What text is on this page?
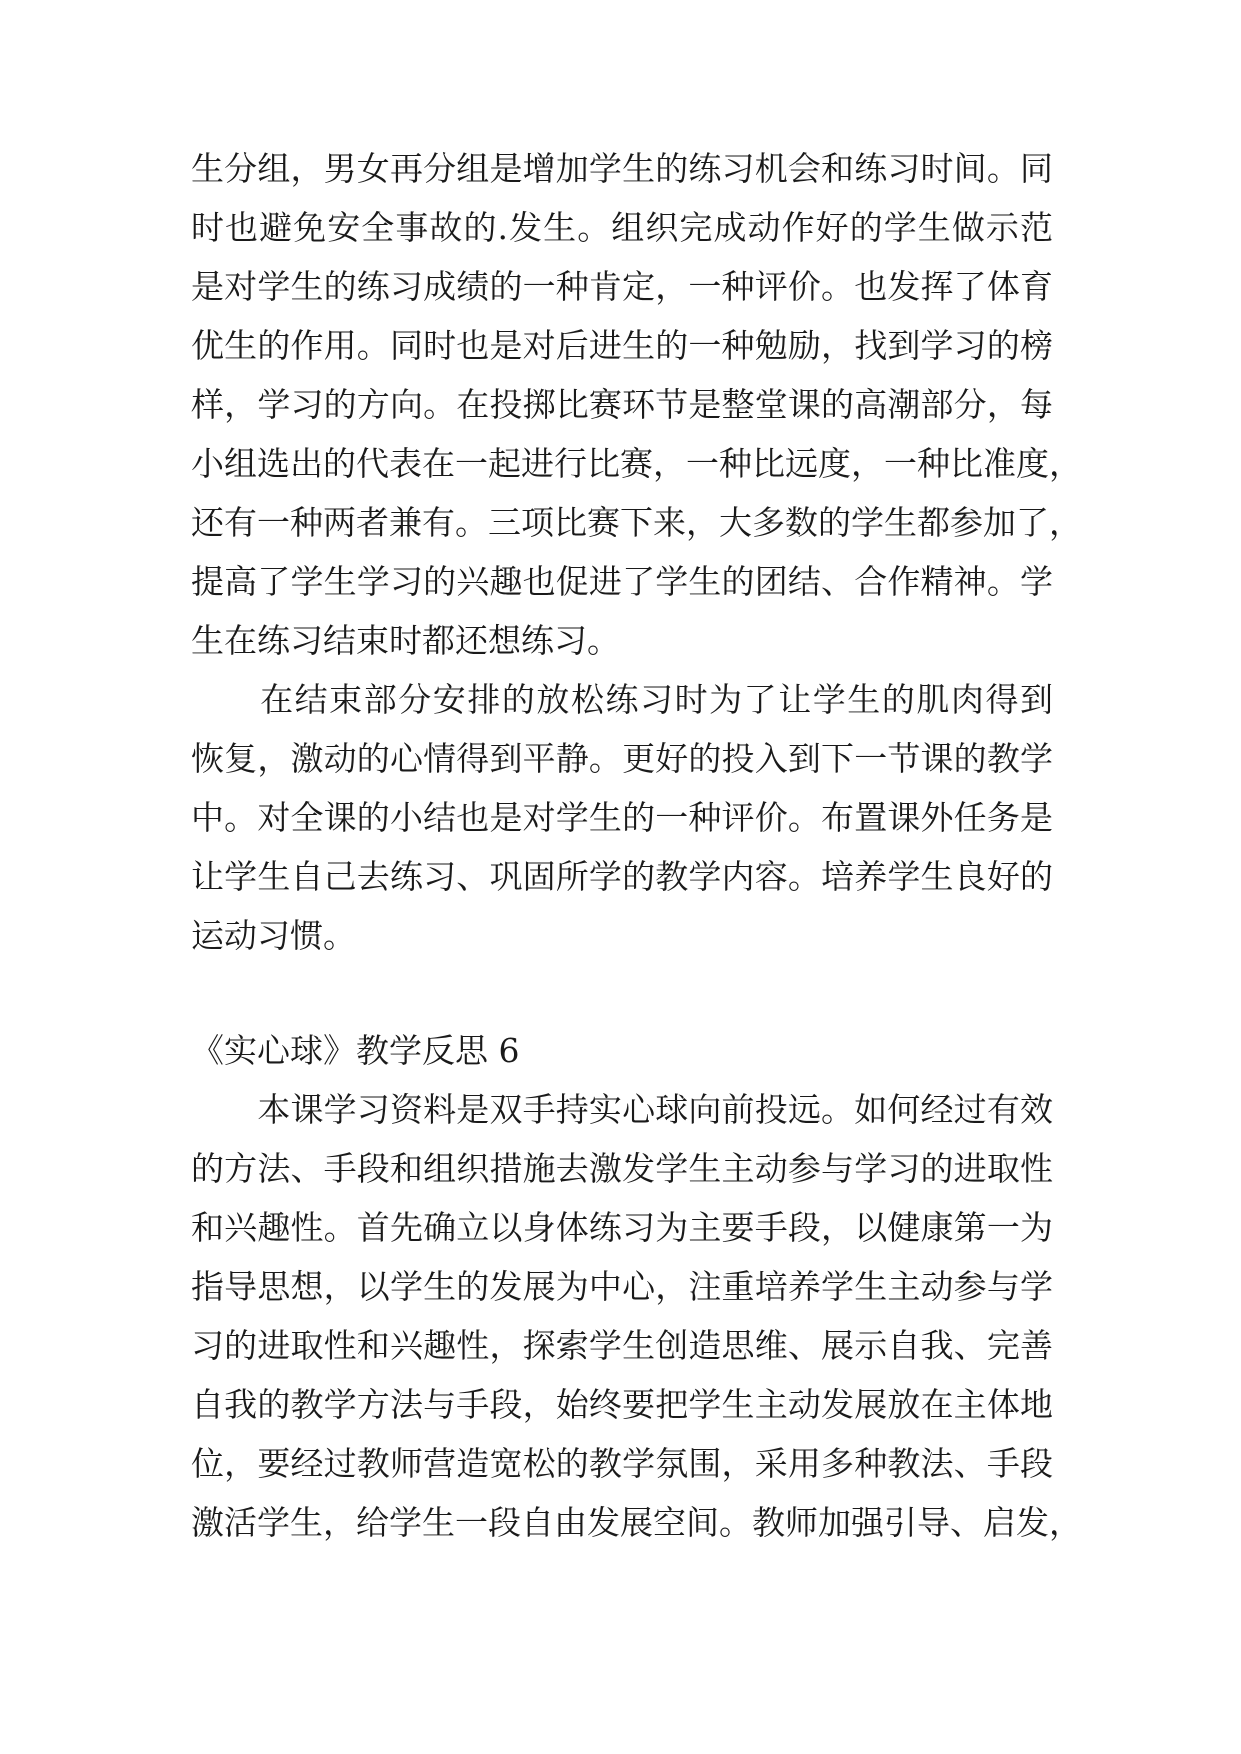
生分组，男女再分组是增加学生的练习机会和练习时间。同
时也避免安全事故的.发生。组织完成动作好的学生做示范
是对学生的练习成绩的一种肯定，一种评价。也发挥了体育
优生的作用。同时也是对后进生的一种勉励，找到学习的榜
样，学习的方向。在投掷比赛环节是整堂课的高潮部分，每
小组选出的代表在一起进行比赛，一种比远度，一种比准度，
还有一种两者兼有。三项比赛下来，大多数的学生都参加了，
提高了学生学习的兴趣也促进了学生的团结、合作精神。学
生在练习结束时都还想练习。
　　在结束部分安排的放松练习时为了让学生的肌肉得到
恢复，激动的心情得到平静。更好的投入到下一节课的教学
中。对全课的小结也是对学生的一种评价。布置课外任务是
让学生自己去练习、巩固所学的教学内容。培养学生良好的
运动习惯。
《实心球》教学反思 6
　　本课学习资料是双手持实心球向前投远。如何经过有效
的方法、手段和组织措施去激发学生主动参与学习的进取性
和兴趣性。首先确立以身体练习为主要手段，以健康第一为
指导思想，以学生的发展为中心，注重培养学生主动参与学
习的进取性和兴趣性，探索学生创造思维、展示自我、完善
自我的教学方法与手段，始终要把学生主动发展放在主体地
位，要经过教师营造宽松的教学氛围，采用多种教法、手段
激活学生，给学生一段自由发展空间。教师加强引导、启发，
